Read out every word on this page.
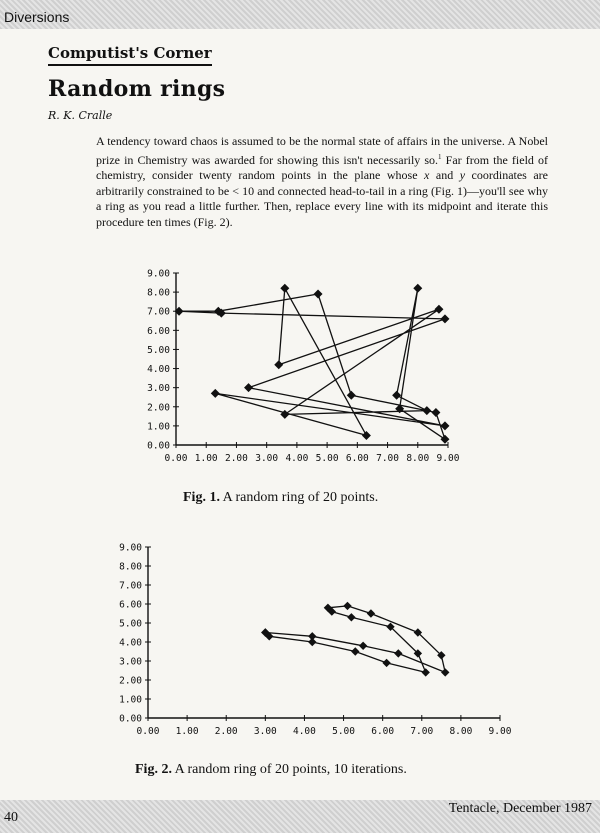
Diversions
Computist's Corner
Random rings
R. K. Cralle
A tendency toward chaos is assumed to be the normal state of affairs in the universe. A Nobel prize in Chemistry was awarded for showing this isn't necessarily so.$^1$ Far from the field of chemistry, consider twenty random points in the plane whose x and y coordinates are arbitrarily constrained to be < 10 and connected head-to-tail in a ring (Fig. 1)—you'll see why a ring as you read a little further. Then, replace every line with its midpoint and iterate this procedure ten times (Fig. 2).
9.00
8.00
7.00
6.00
5.00
4.00
3.00
2.00
1.00
0.00
0.00 1.00 2.00 3.00 4.00 5.00 6.00 7.00 8.00 9.00
Fig. 1. A random ring of 20 points.
9.00
8.00
7.00
6.00
5.00
4.00
3.00
2.00
1.00
0.00
0.00 1.00 2.00 3.00 4.00 5.00 6.00 7.00 8.00 9.00
Fig. 2. A random ring of 20 points, 10 iterations.
40
Tentacle, December 1987
